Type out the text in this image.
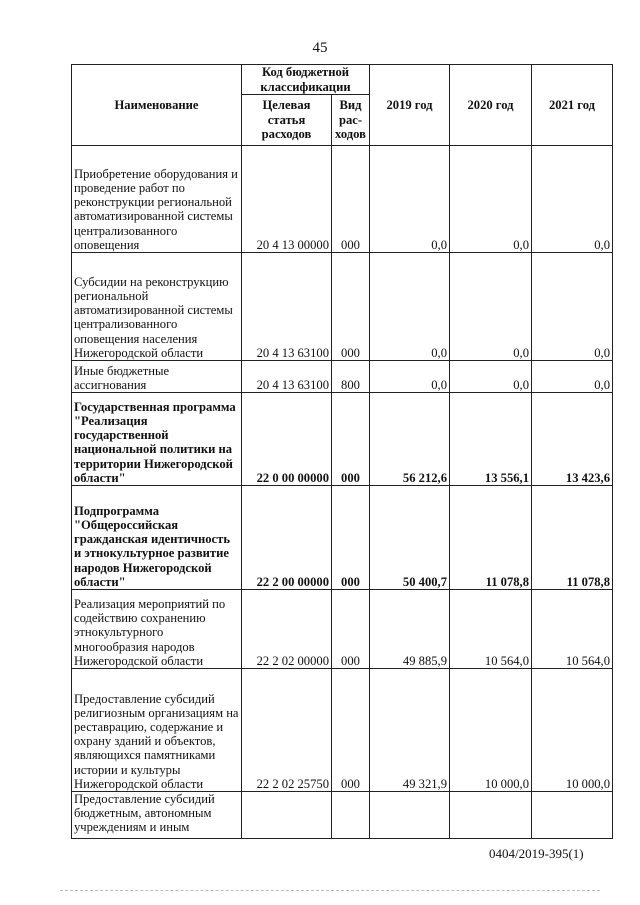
45
Наименование	Код бюджетной классификации		2019 год	2020 год	2021 год
	Целевая статья расходов	Вид рас-ходов			
Приобретение оборудования и проведение работ по реконструкции региональной автоматизированной системы централизованного оповещения	20 4 13 00000	000	0,0	0,0	0,0
Субсидии на реконструкцию региональной автоматизированной системы централизованного оповещения населения Нижегородской области	20 4 13 63100	000	0,0	0,0	0,0
Иные бюджетные ассигнования	20 4 13 63100	800	0,0	0,0	0,0
Государственная программа "Реализация государственной национальной политики на территории Нижегородской области"	22 0 00 00000	000	56 212,6	13 556,1	13 423,6
Подпрограмма "Общероссийская гражданская идентичность и этнокультурное развитие народов Нижегородской области"	22 2 00 00000	000	50 400,7	11 078,8	11 078,8
Реализация мероприятий по содействию сохранению этнокультурного многообразия народов Нижегородской области	22 2 02 00000	000	49 885,9	10 564,0	10 564,0
Предоставление субсидий религиозным организациям на реставрацию, содержание и охрану зданий и объектов, являющихся памятниками истории и культуры Нижегородской области	22 2 02 25750	000	49 321,9	10 000,0	10 000,0
Предоставление субсидий бюджетным, автономным учреждениям и иным					
0404/2019-395(1)
